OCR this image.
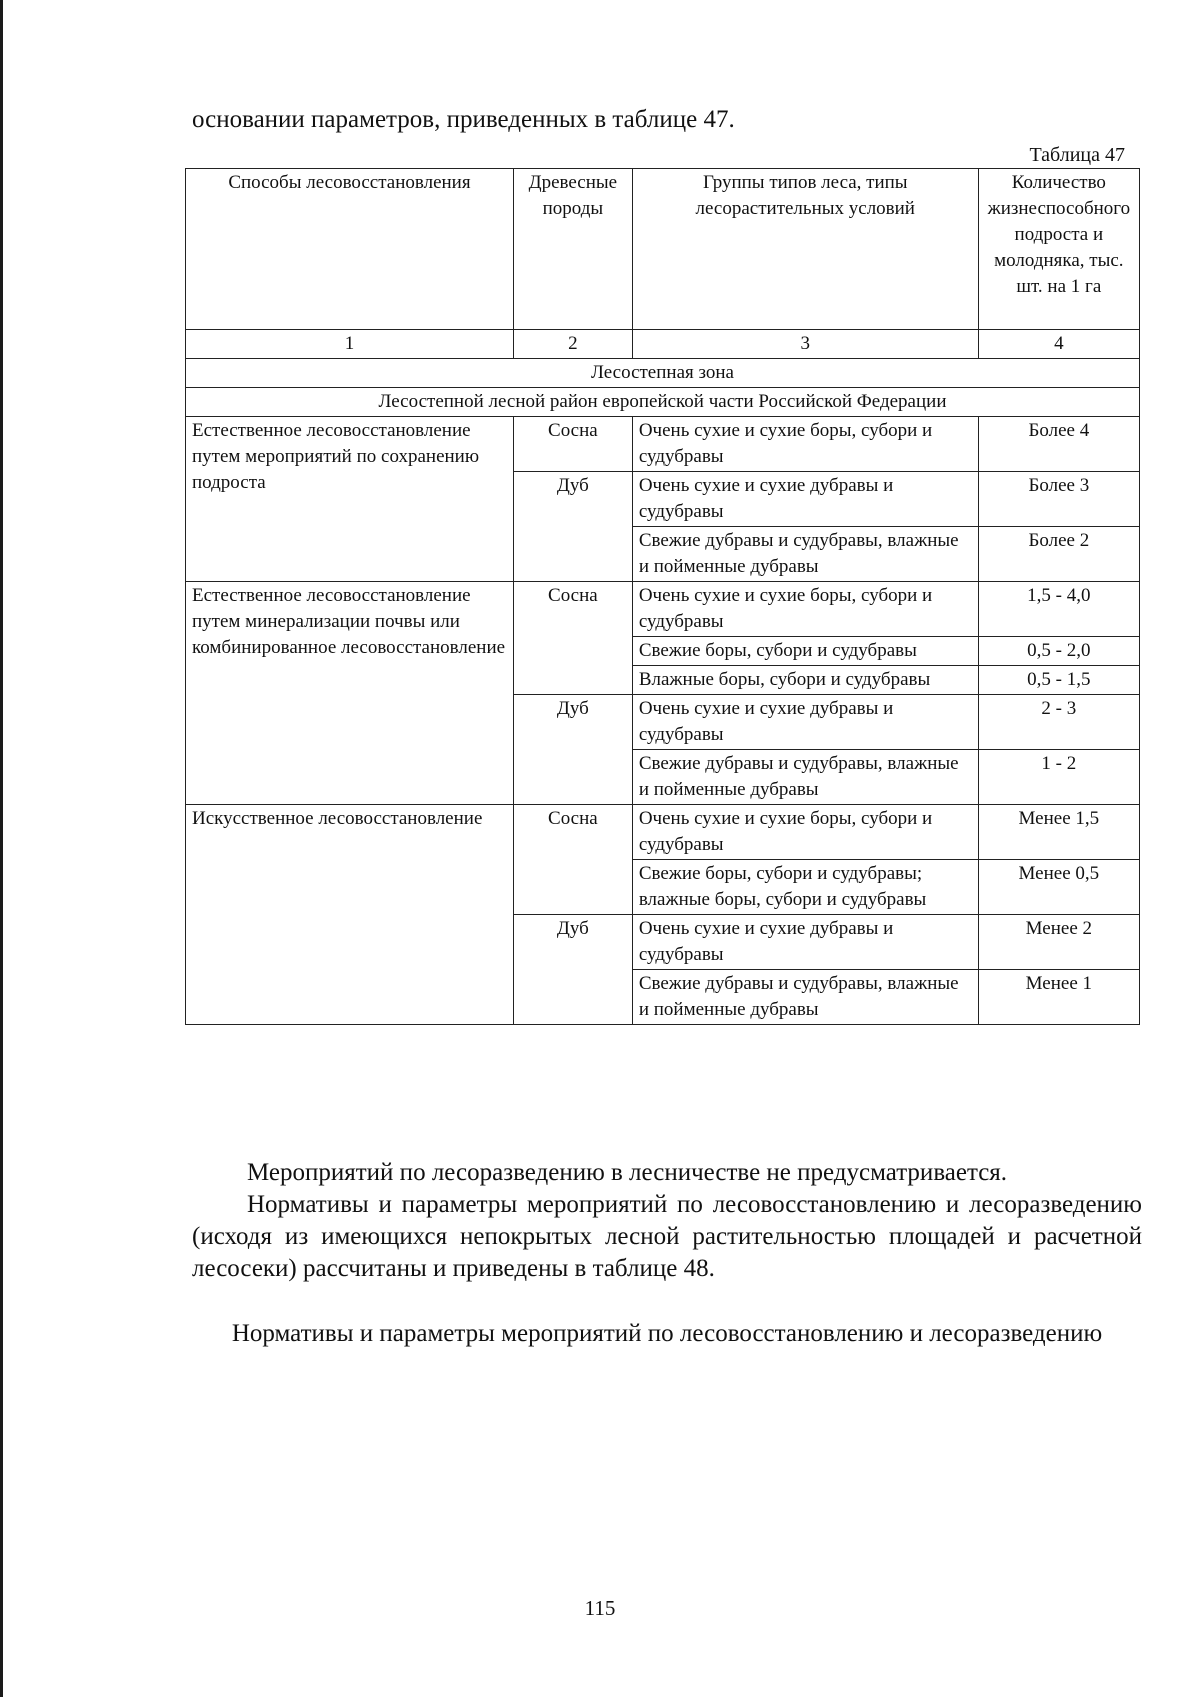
основании параметров, приведенных в таблице 47.
Таблица 47
Способы лесовосстановления	Древесные породы	Группы типов леса, типы лесорастительных условий	Количество жизнеспособного подроста и молодняка, тыс. шт. на 1 га
1	2	3	4
Лесостепная зона			
Лесостепной лесной район европейской части Российской Федерации			
Естественное лесовосстановление путем мероприятий по сохранению подроста	Сосна	Очень сухие и сухие боры, субори и судубравы	Более 4
	Дуб	Очень сухие и сухие дубравы и судубравы	Более 3
		Свежие дубравы и судубравы, влажные и пойменные дубравы	Более 2
Естественное лесовосстановление путем минерализации почвы или комбинированное лесовосстановление	Сосна	Очень сухие и сухие боры, субори и судубравы	1,5 - 4,0
		Свежие боры, субори и судубравы	0,5 - 2,0
		Влажные боры, субори и судубравы	0,5 - 1,5
	Дуб	Очень сухие и сухие дубравы и судубравы	2 - 3
		Свежие дубравы и судубравы, влажные и пойменные дубравы	1 - 2
Искусственное лесовосстановление	Сосна	Очень сухие и сухие боры, субори и судубравы	Менее 1,5
		Свежие боры, субори и судубравы; влажные боры, субори и судубравы	Менее 0,5
	Дуб	Очень сухие и сухие дубравы и судубравы	Менее 2
		Свежие дубравы и судубравы, влажные и пойменные дубравы	Менее 1

Мероприятий по лесоразведению в лесничестве не предусматривается.

Нормативы и параметры мероприятий по лесовосстановлению и лесоразведению (исходя из имеющихся непокрытых лесной растительностью площадей и расчетной лесосеки) рассчитаны и приведены в таблице 48.

Нормативы и параметры мероприятий по лесовосстановлению и лесоразведению
115
